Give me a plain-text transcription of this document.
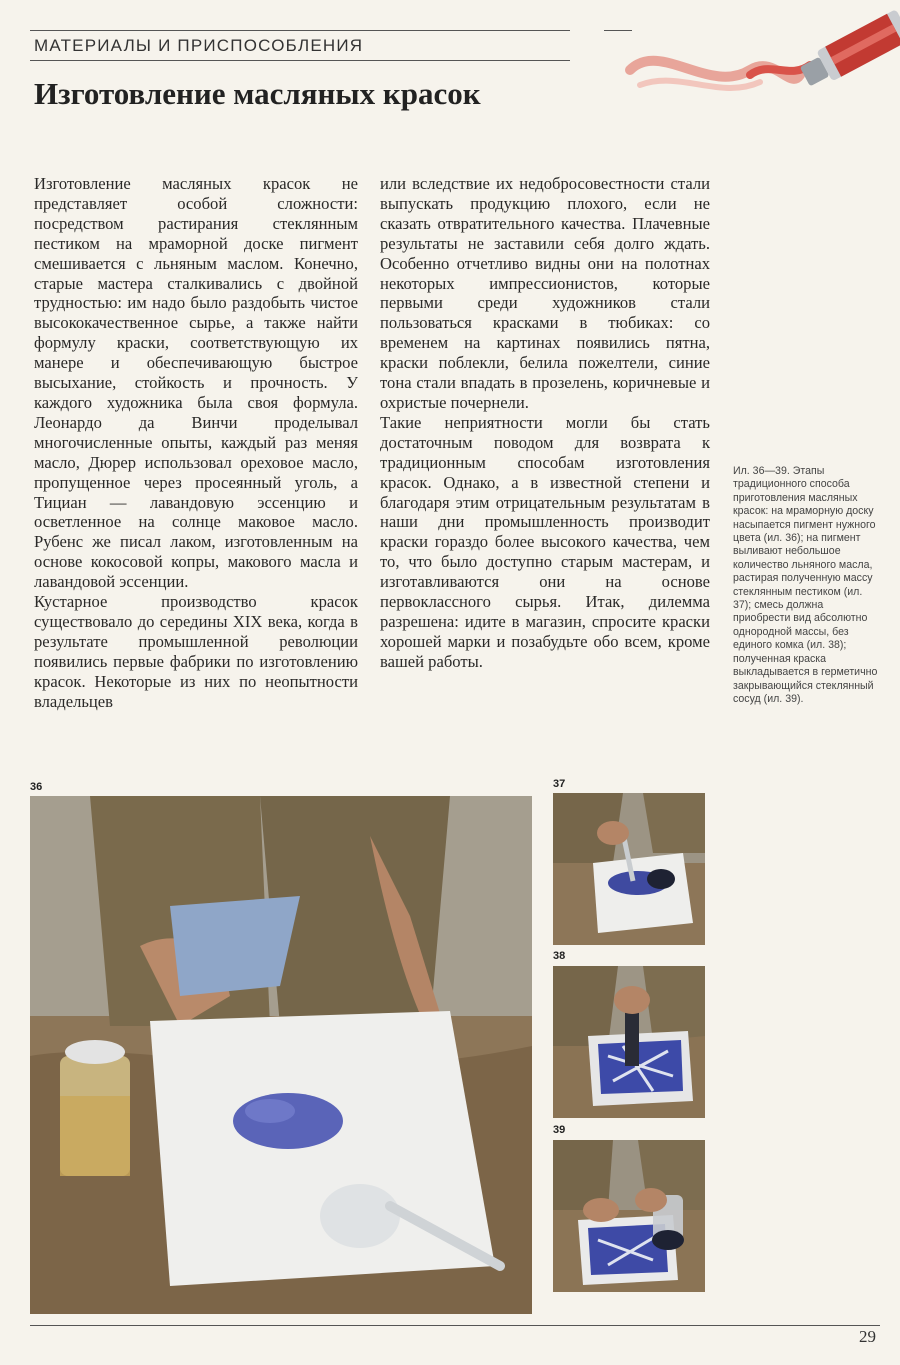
МАТЕРИАЛЫ И ПРИСПОСОБЛЕНИЯ
Изготовление масляных красок

Изготовление масляных красок не представляет особой сложности: посредством растирания стеклянным пестиком на мраморной доске пигмент смешивается с льняным маслом. Конечно, старые мастера сталкивались с двойной трудностью: им надо было раздобыть чистое высококачественное сырье, а также найти формулу краски, соответствующую их манере и обеспечивающую быстрое высыхание, стойкость и прочность. У каждого художника была своя формула. Леонардо да Винчи проделывал многочисленные опыты, каждый раз меняя масло, Дюрер использовал ореховое масло, пропущенное через просеянный уголь, а Тициан — лавандовую эссенцию и осветленное на солнце маковое масло. Рубенс же писал лаком, изготовленным на основе кокосовой копры, макового масла и лавандовой эссенции.

Кустарное производство красок существовало до середины XIX века, когда в результате промышленной революции появились первые фабрики по изготовлению красок. Некоторые из них по неопытности владельцев

или вследствие их недобросовестности стали выпускать продукцию плохого, если не сказать отвратительного качества. Плачевные результаты не заставили себя долго ждать. Особенно отчетливо видны они на полотнах некоторых импрессионистов, которые первыми среди художников стали пользоваться красками в тюбиках: со временем на картинах появились пятна, краски поблекли, белила пожелтели, синие тона стали впадать в прозелень, коричневые и охристые почернели.

Такие неприятности могли бы стать достаточным поводом для возврата к традиционным способам изготовления красок. Однако, а в известной степени и благодаря этим отрицательным результатам в наши дни промышленность производит краски гораздо более высокого качества, чем то, что было доступно старым мастерам, и изготавливаются они на основе первоклассного сырья. Итак, дилемма разрешена: идите в магазин, спросите краски хорошей марки и позабудьте обо всем, кроме вашей работы.

Ил. 36—39. Этапы традиционного способа приготовления масляных красок: на мраморную доску насыпается пигмент нужного цвета (ил. 36); на пигмент выливают небольшое количество льняного масла, растирая полученную массу стеклянным пестиком (ил. 37); смесь должна приобрести вид абсолютно однородной массы, без единого комка (ил. 38); полученная краска выкладывается в герметично закрывающийся стеклянный сосуд (ил. 39).
36	37
38
39
29
